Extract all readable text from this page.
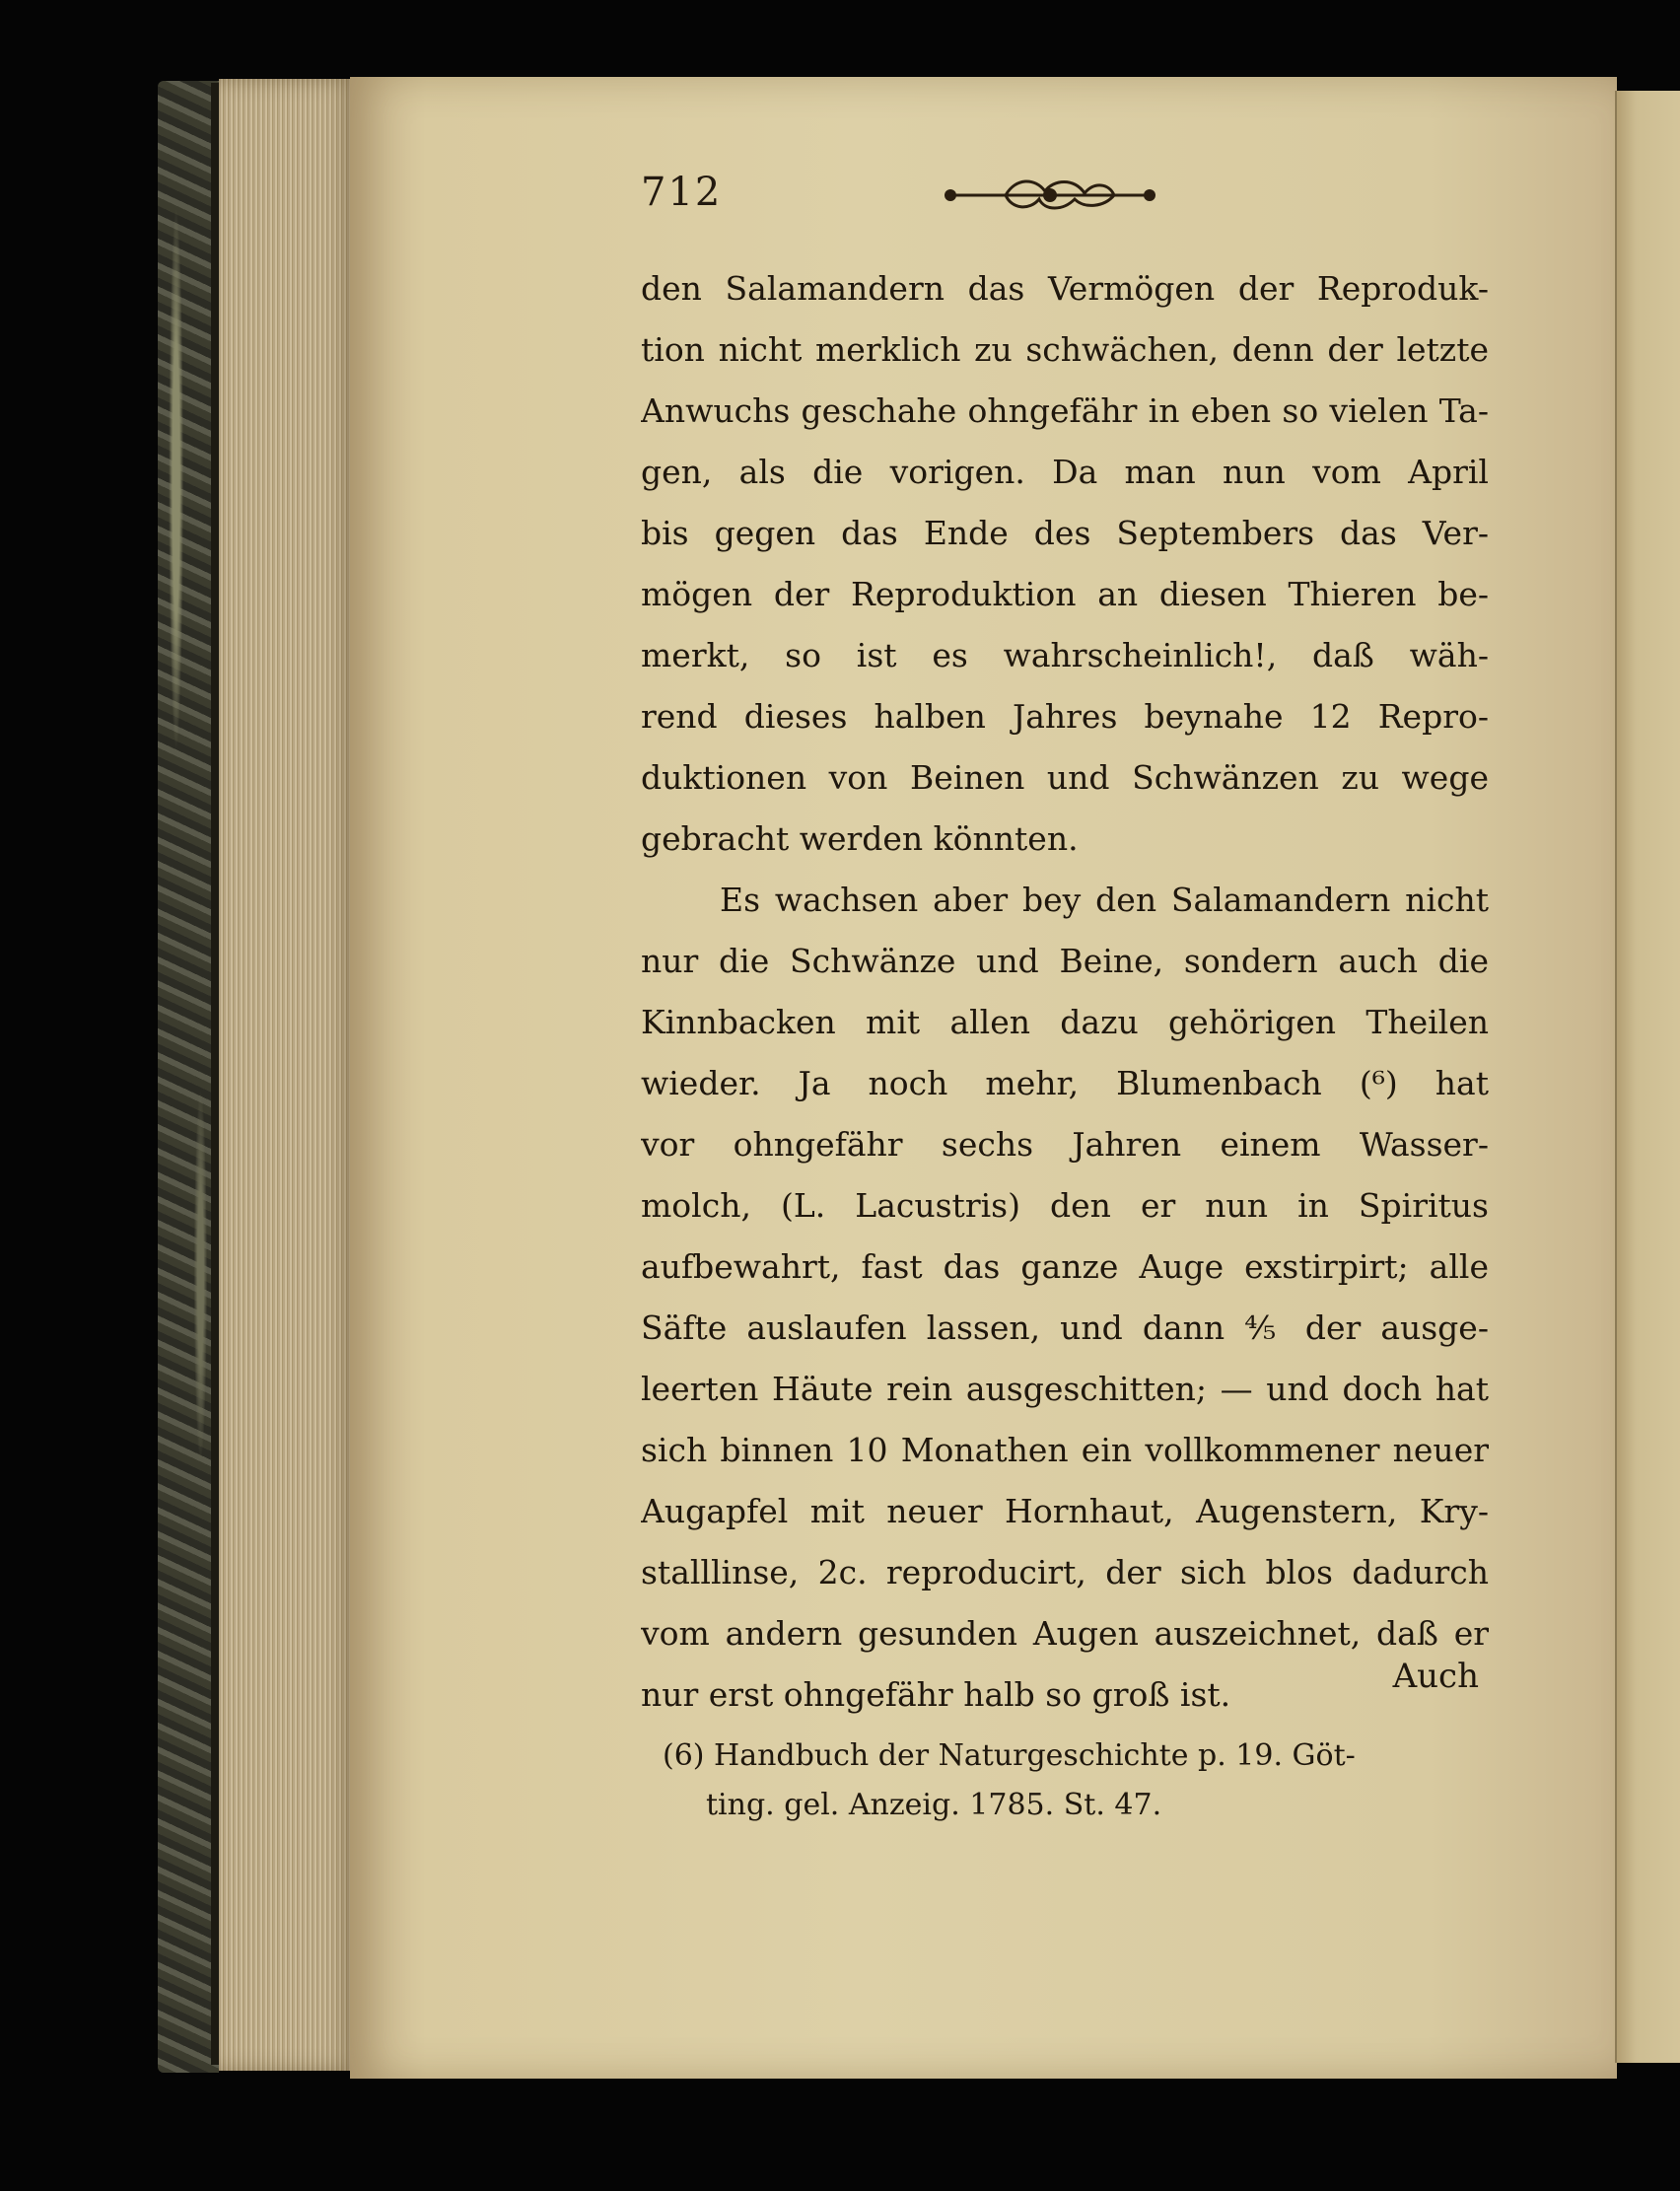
712
den Salamandern das Vermögen der Reproduk-
tion nicht merklich zu schwächen, denn der letzte
Anwuchs geschahe ohngefähr in eben so vielen Ta-
gen, als die vorigen. Da man nun vom April
bis gegen das Ende des Septembers das Ver-
mögen der Reproduktion an diesen Thieren be-
merkt, so ist es wahrscheinlich!, daß wäh-
rend dieses halben Jahres beynahe 12 Repro-
duktionen von Beinen und Schwänzen zu wege
gebracht werden könnten.
Es wachsen aber bey den Salamandern nicht
nur die Schwänze und Beine, sondern auch die
Kinnbacken mit allen dazu gehörigen Theilen
wieder. Ja noch mehr, Blumenbach (⁶) hat
vor ohngefähr sechs Jahren einem Wasser-
molch, (L. Lacustris) den er nun in Spiritus
aufbewahrt, fast das ganze Auge exstirpirt; alle
Säfte auslaufen lassen, und dann ⅘ der ausge-
leerten Häute rein ausgeschitten; — und doch hat
sich binnen 10 Monathen ein vollkommener neuer
Augapfel mit neuer Hornhaut, Augenstern, Kry-
stalllinse, 2c. reproducirt, der sich blos dadurch
vom andern gesunden Augen auszeichnet, daß er
nur erst ohngefähr halb so groß ist.	Auch
(6) Handbuch der Naturgeschichte p. 19. Göt-
ting. gel. Anzeig. 1785. St. 47.
